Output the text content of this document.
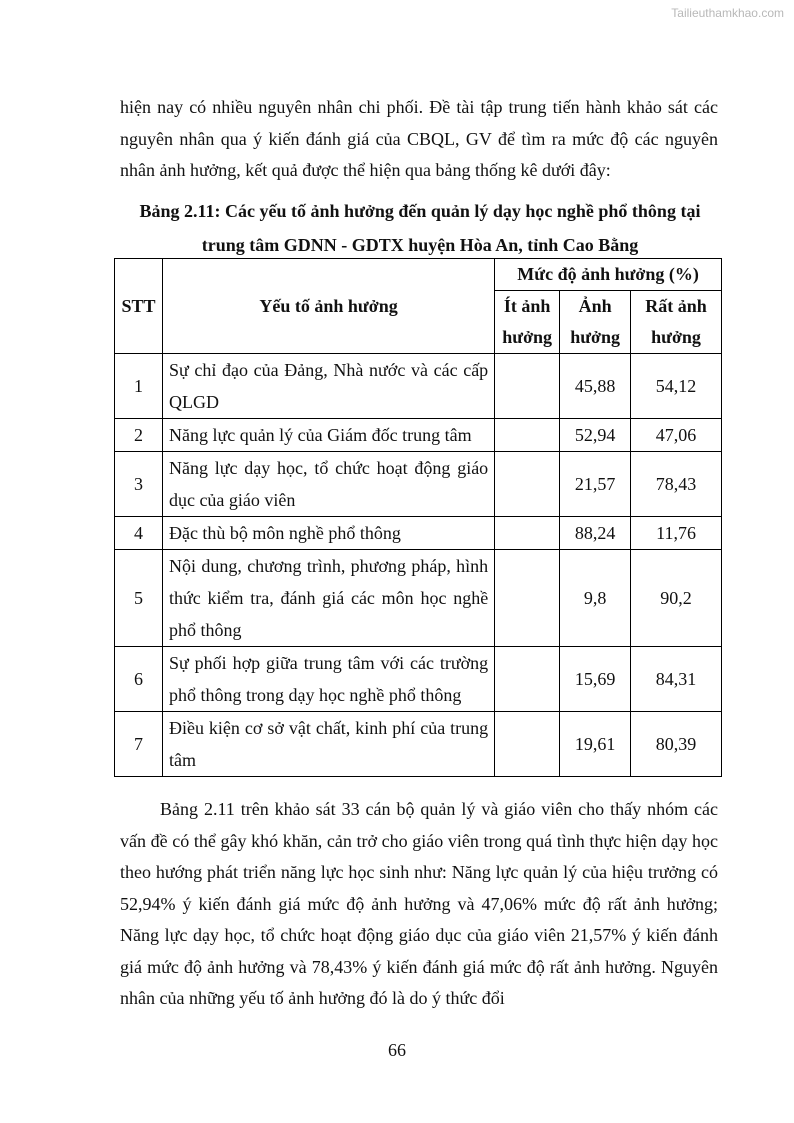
Tailieuthamkhao.com

hiện nay có nhiều nguyên nhân chi phối. Đề tài tập trung tiến hành khảo sát các nguyên nhân qua ý kiến đánh giá của CBQL, GV để tìm ra mức độ các nguyên nhân ảnh hưởng, kết quả được thể hiện qua bảng thống kê dưới đây:

Bảng 2.11: Các yếu tố ảnh hưởng đến quản lý dạy học nghề phổ thông tại
trung tâm GDNN - GDTX huyện Hòa An, tỉnh Cao Bằng
STT	Yếu tố ảnh hưởng	Mức độ ảnh hưởng (%)		
		Ít ảnh hưởng	Ảnh hưởng	Rất ảnh hưởng
1	Sự chỉ đạo của Đảng, Nhà nước và các cấp QLGD		45,88	54,12
2	Năng lực quản lý của Giám đốc trung tâm		52,94	47,06
3	Năng lực dạy học, tổ chức hoạt động giáo dục của giáo viên		21,57	78,43
4	Đặc thù bộ môn nghề phổ thông		88,24	11,76
5	Nội dung, chương trình, phương pháp, hình thức kiểm tra, đánh giá các môn học nghề phổ thông		9,8	90,2
6	Sự phối hợp giữa trung tâm với các trường phổ thông trong dạy học nghề phổ thông		15,69	84,31
7	Điều kiện cơ sở vật chất, kinh phí của trung tâm		19,61	80,39

Bảng 2.11 trên khảo sát 33 cán bộ quản lý và giáo viên cho thấy nhóm các vấn đề có thể gây khó khăn, cản trở cho giáo viên trong quá tình thực hiện dạy học theo hướng phát triển năng lực học sinh như: Năng lực quản lý của hiệu trưởng có 52,94% ý kiến đánh giá mức độ ảnh hưởng và 47,06% mức độ rất ảnh hưởng; Năng lực dạy học, tổ chức hoạt động giáo dục của giáo viên 21,57% ý kiến đánh giá mức độ ảnh hưởng và 78,43% ý kiến đánh giá mức độ rất ảnh hưởng. Nguyên nhân của những yếu tố ảnh hưởng đó là do ý thức đổi

66
